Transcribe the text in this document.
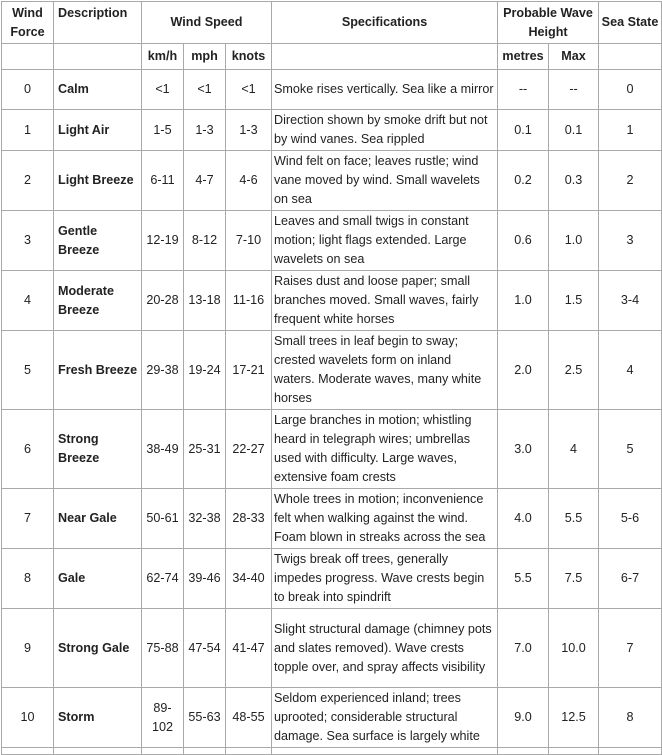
Wind Force	Description	Wind Speed			Specifications	Probable Wave Height		Sea State
		km/h	mph	knots		metres	Max	
0	Calm	<1	<1	<1	Smoke rises vertically. Sea like a mirror	--	--	0
1	Light Air	1-5	1-3	1-3	Direction shown by smoke drift but not by wind vanes. Sea rippled	0.1	0.1	1
2	Light Breeze	6-11	4-7	4-6	Wind felt on face; leaves rustle; wind vane moved by wind. Small wavelets on sea	0.2	0.3	2
3	Gentle Breeze	12-19	8-12	7-10	Leaves and small twigs in constant motion; light flags extended. Large wavelets on sea	0.6	1.0	3
4	Moderate Breeze	20-28	13-18	11-16	Raises dust and loose paper; small branches moved. Small waves, fairly frequent white horses	1.0	1.5	3-4
5	Fresh Breeze	29-38	19-24	17-21	Small trees in leaf begin to sway; crested wavelets form on inland waters. Moderate waves, many white horses	2.0	2.5	4
6	Strong Breeze	38-49	25-31	22-27	Large branches in motion; whistling heard in telegraph wires; umbrellas used with difficulty. Large waves, extensive foam crests	3.0	4	5
7	Near Gale	50-61	32-38	28-33	Whole trees in motion; inconvenience felt when walking against the wind. Foam blown in streaks across the sea	4.0	5.5	5-6
8	Gale	62-74	39-46	34-40	Twigs break off trees, generally impedes progress. Wave crests begin to break into spindrift	5.5	7.5	6-7
9	Strong Gale	75-88	47-54	41-47	Slight structural damage (chimney pots and slates removed). Wave crests topple over, and spray affects visibility	7.0	10.0	7
10	Storm	89-102	55-63	48-55	Seldom experienced inland; trees uprooted; considerable structural damage. Sea surface is largely white	9.0	12.5	8
